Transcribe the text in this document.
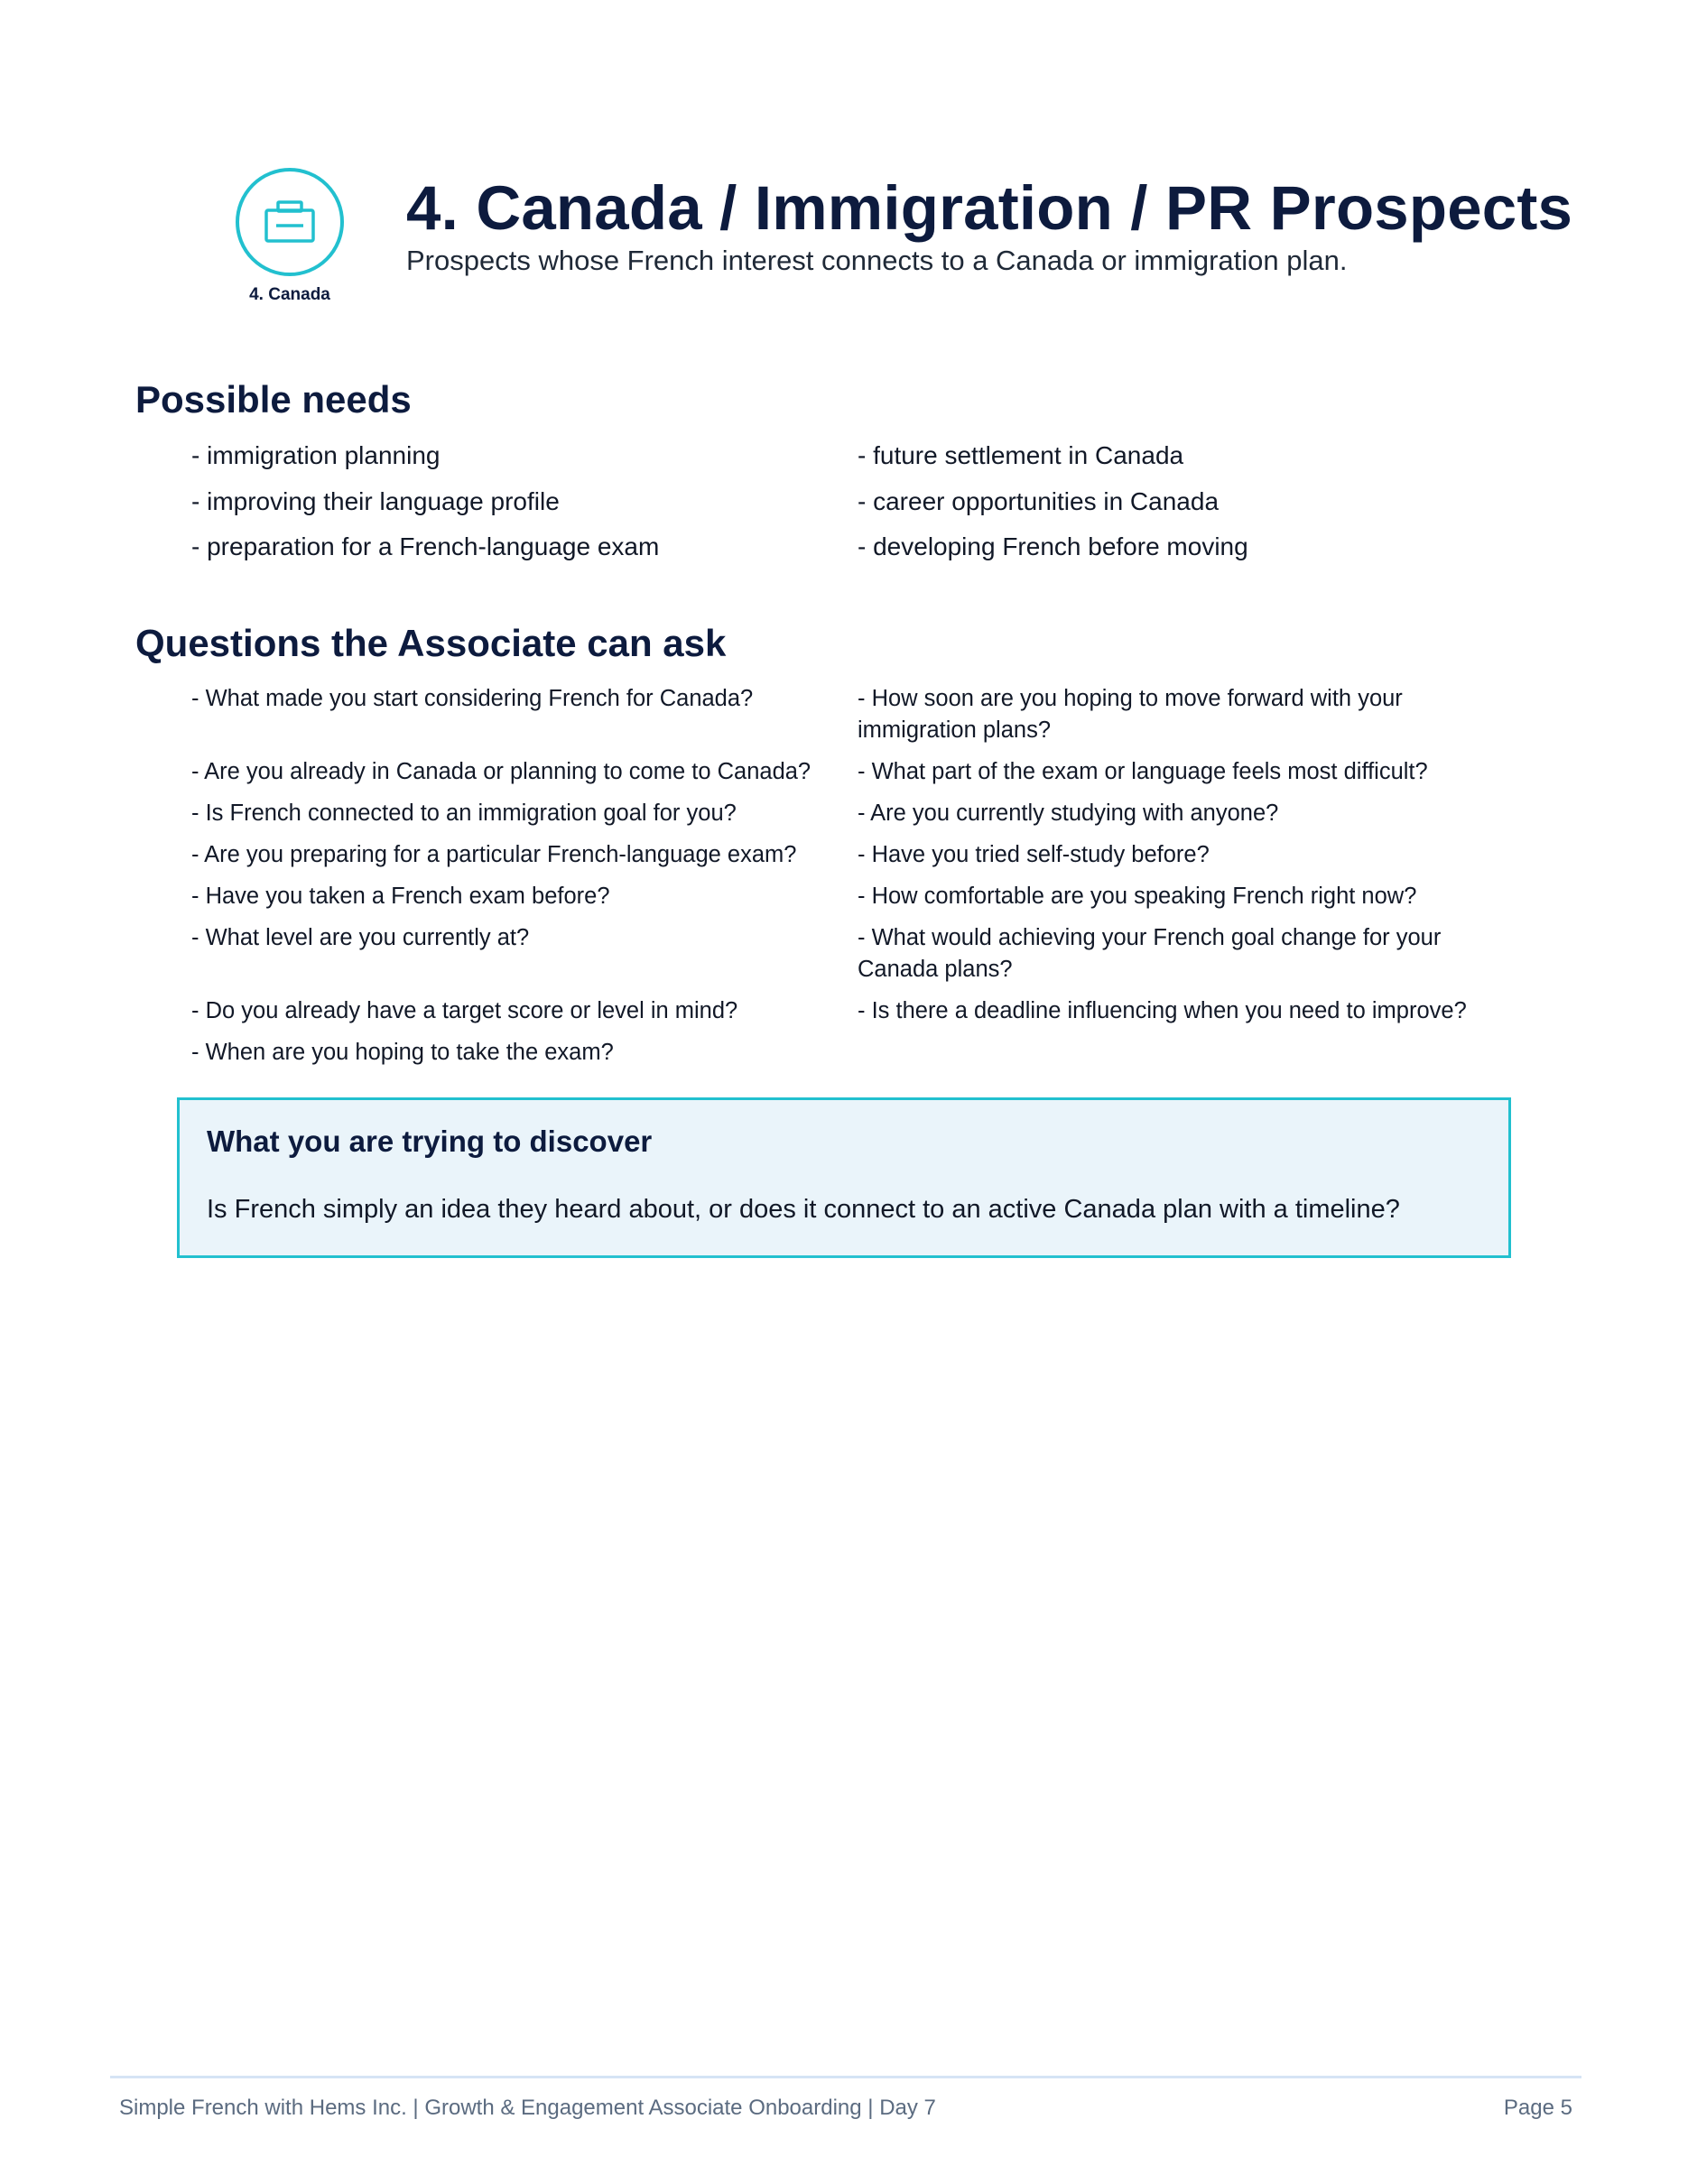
4. Canada
4. Canada / Immigration / PR Prospects
Prospects whose French interest connects to a Canada or immigration plan.
Possible needs
- immigration planning	- future settlement in Canada
- improving their language profile	- career opportunities in Canada
- preparation for a French-language exam	- developing French before moving
Questions the Associate can ask
- What made you start considering French for Canada?	- How soon are you hoping to move forward with your immigration plans?
- Are you already in Canada or planning to come to Canada?	- What part of the exam or language feels most difficult?
- Is French connected to an immigration goal for you?	- Are you currently studying with anyone?
- Are you preparing for a particular French-language exam?	- Have you tried self-study before?
- Have you taken a French exam before?	- How comfortable are you speaking French right now?
- What level are you currently at?	- What would achieving your French goal change for your Canada plans?
- Do you already have a target score or level in mind?	- Is there a deadline influencing when you need to improve?
- When are you hoping to take the exam?
What you are trying to discover
Is French simply an idea they heard about, or does it connect to an active Canada plan with a timeline?
Simple French with Hems Inc. | Growth & Engagement Associate Onboarding | Day 7	Page 5
